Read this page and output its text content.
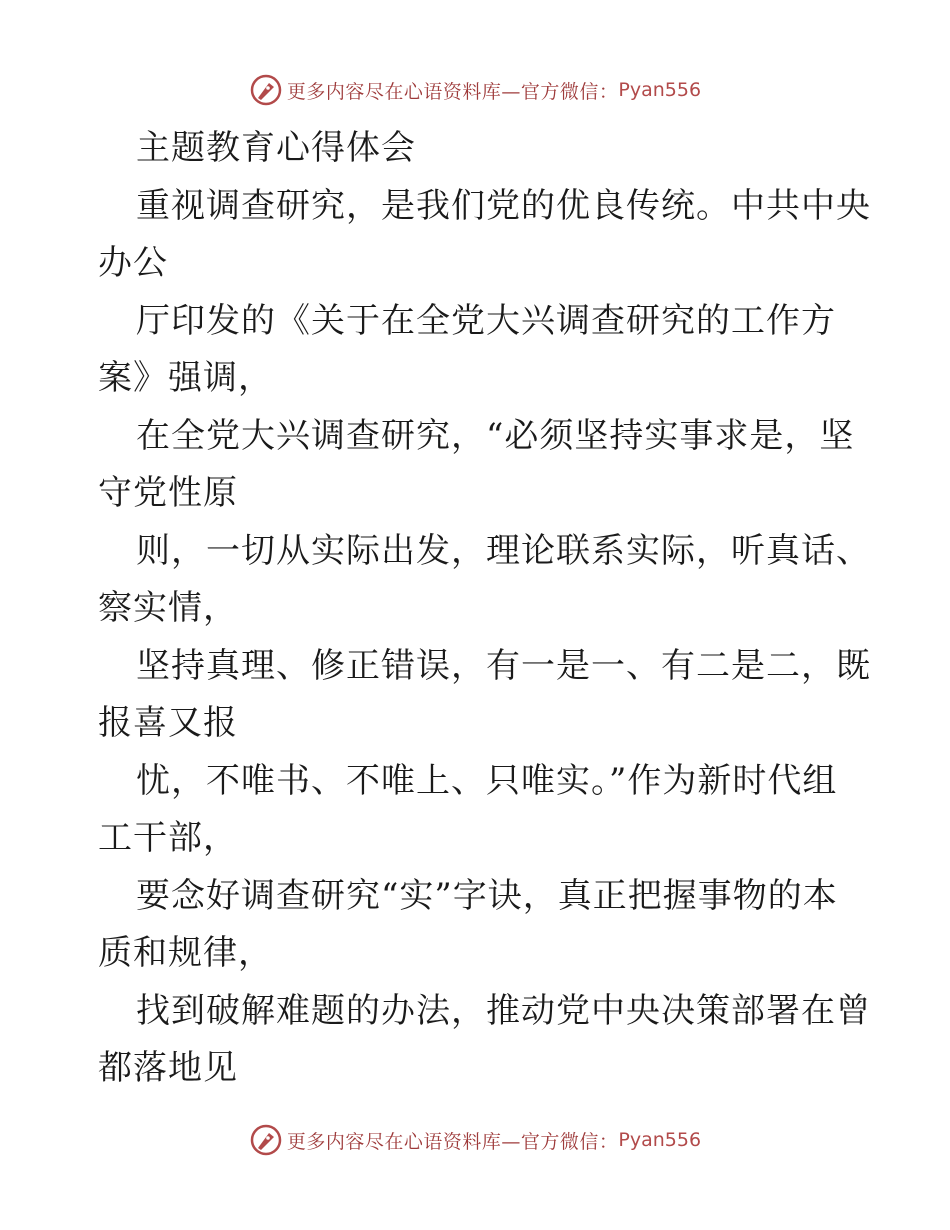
更多内容尽在心语资料库—官方微信： Pyan556
主题教育心得体会
重视调查研究，是我们党的优良传统。中共中央
办公
厅印发的《关于在全党大兴调查研究的工作方
案》强调，
在全党大兴调查研究，“必须坚持实事求是，坚
守党性原
则，一切从实际出发，理论联系实际，听真话、
察实情，
坚持真理、修正错误，有一是一、有二是二，既
报喜又报
忧，不唯书、不唯上、只唯实。”作为新时代组
工干部，
要念好调查研究“实”字诀，真正把握事物的本
质和规律，
找到破解难题的办法，推动党中央决策部署在曾
都落地见
更多内容尽在心语资料库—官方微信： Pyan556
